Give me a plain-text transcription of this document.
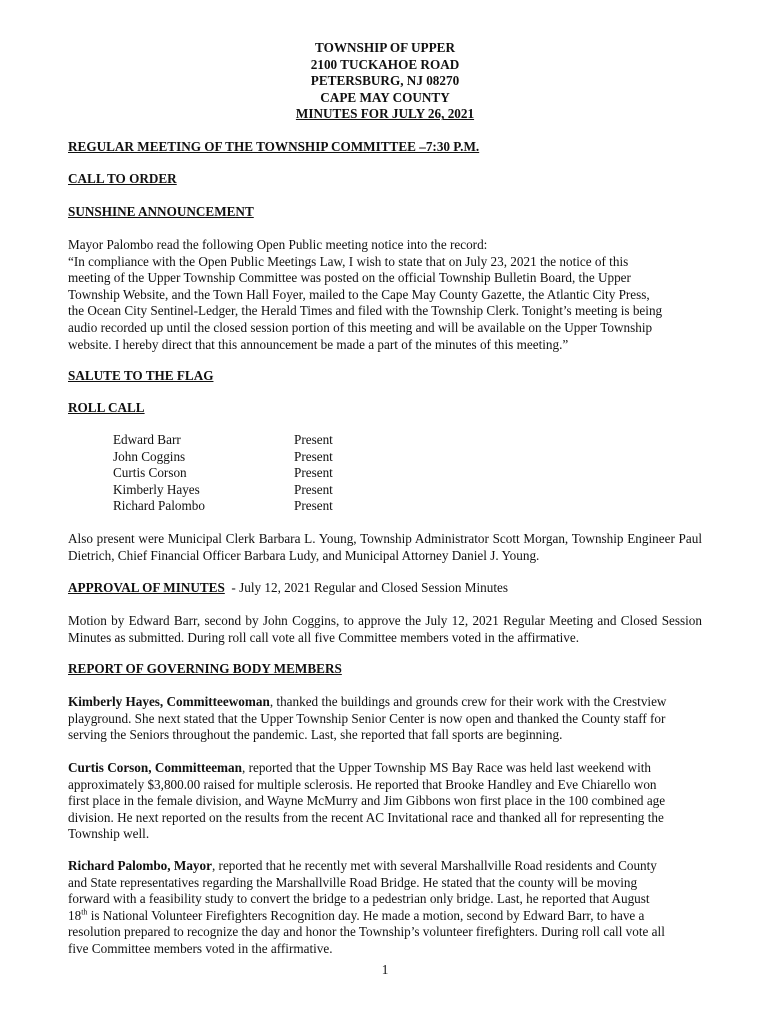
TOWNSHIP OF UPPER
2100 TUCKAHOE ROAD
PETERSBURG, NJ 08270
CAPE MAY COUNTY
MINUTES FOR JULY 26, 2021
REGULAR MEETING OF THE TOWNSHIP COMMITTEE –7:30 P.M.
CALL TO ORDER
SUNSHINE ANNOUNCEMENT
Mayor Palombo read the following Open Public meeting notice into the record:
“In compliance with the Open Public Meetings Law, I wish to state that on July 23, 2021 the notice of this
meeting of the Upper Township Committee was posted on the official Township Bulletin Board, the Upper
Township Website, and the Town Hall Foyer, mailed to the Cape May County Gazette, the Atlantic City Press,
the Ocean City Sentinel-Ledger, the Herald Times and filed with the Township Clerk. Tonight’s meeting is being
audio recorded up until the closed session portion of this meeting and will be available on the Upper Township
website. I hereby direct that this announcement be made a part of the minutes of this meeting.”
SALUTE TO THE FLAG
ROLL CALL
Edward Barr	Present
John Coggins	Present
Curtis Corson	Present
Kimberly Hayes	Present
Richard Palombo	Present
Also present were Municipal Clerk Barbara L. Young, Township Administrator Scott Morgan, Township Engineer Paul Dietrich, Chief Financial Officer Barbara Ludy, and Municipal Attorney Daniel J. Young.
APPROVAL OF MINUTES  - July 12, 2021 Regular and Closed Session Minutes
Motion by Edward Barr, second by John Coggins, to approve the July 12, 2021 Regular Meeting and Closed Session Minutes as submitted. During roll call vote all five Committee members voted in the affirmative.
REPORT OF GOVERNING BODY MEMBERS
Kimberly Hayes, Committeewoman, thanked the buildings and grounds crew for their work with the Crestview
playground. She next stated that the Upper Township Senior Center is now open and thanked the County staff for
serving the Seniors throughout the pandemic. Last, she reported that fall sports are beginning.
Curtis Corson, Committeeman, reported that the Upper Township MS Bay Race was held last weekend with
approximately $3,800.00 raised for multiple sclerosis. He reported that Brooke Handley and Eve Chiarello won
first place in the female division, and Wayne McMurry and Jim Gibbons won first place in the 100 combined age
division. He next reported on the results from the recent AC Invitational race and thanked all for representing the
Township well.
Richard Palombo, Mayor, reported that he recently met with several Marshallville Road residents and County
and State representatives regarding the Marshallville Road Bridge. He stated that the county will be moving
forward with a feasibility study to convert the bridge to a pedestrian only bridge. Last, he reported that August
18th is National Volunteer Firefighters Recognition day. He made a motion, second by Edward Barr, to have a
resolution prepared to recognize the day and honor the Township’s volunteer firefighters. During roll call vote all
five Committee members voted in the affirmative.
1
